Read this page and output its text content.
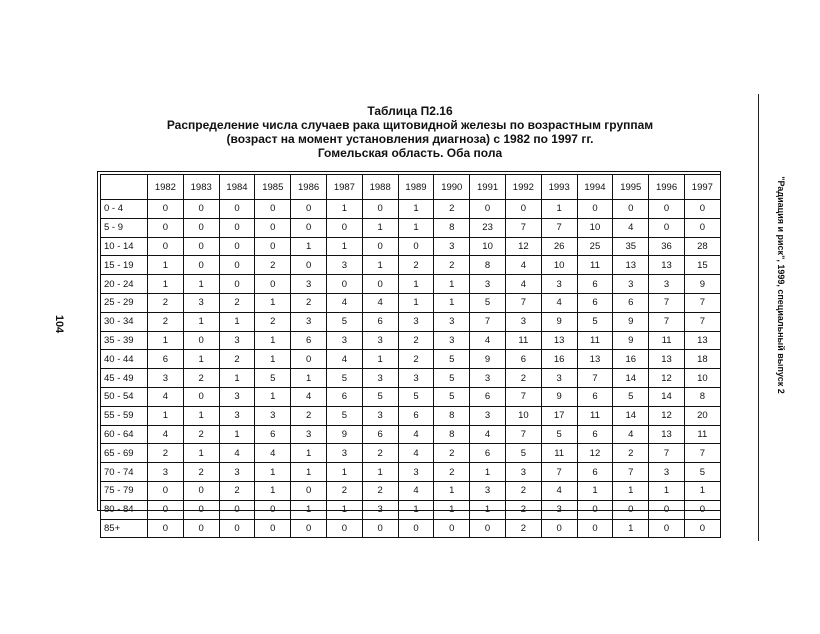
104
Таблица П2.16
Распределение числа случаев рака щитовидной железы по возрастным группам
(возраст на момент установления диагноза) с 1982 по 1997 гг.
Гомельская область. Оба пола
	1982	1983	1984	1985	1986	1987	1988	1989	1990	1991	1992	1993	1994	1995	1996	1997
0 - 4	0	0	0	0	0	1	0	1	2	0	0	1	0	0	0	0
5 - 9	0	0	0	0	0	0	1	1	8	23	7	7	10	4	0	0
10 - 14	0	0	0	0	1	1	0	0	3	10	12	26	25	35	36	28
15 - 19	1	0	0	2	0	3	1	2	2	8	4	10	11	13	13	15
20 - 24	1	1	0	0	3	0	0	1	1	3	4	3	6	3	3	9
25 - 29	2	3	2	1	2	4	4	1	1	5	7	4	6	6	7	7
30 - 34	2	1	1	2	3	5	6	3	3	7	3	9	5	9	7	7
35 - 39	1	0	3	1	6	3	3	2	3	4	11	13	11	9	11	13
40 - 44	6	1	2	1	0	4	1	2	5	9	6	16	13	16	13	18
45 - 49	3	2	1	5	1	5	3	3	5	3	2	3	7	14	12	10
50 - 54	4	0	3	1	4	6	5	5	5	6	7	9	6	5	14	8
55 - 59	1	1	3	3	2	5	3	6	8	3	10	17	11	14	12	20
60 - 64	4	2	1	6	3	9	6	4	8	4	7	5	6	4	13	11
65 - 69	2	1	4	4	1	3	2	4	2	6	5	11	12	2	7	7
70 - 74	3	2	3	1	1	1	1	3	2	1	3	7	6	7	3	5
75 - 79	0	0	2	1	0	2	2	4	1	3	2	4	1	1	1	1
80 - 84	0	0	0	0	1	1	3	1	1	1	2	3	0	0	0	0
85+	0	0	0	0	0	0	0	0	0	0	2	0	0	1	0	0
"Радиация и риск", 1999, специальный выпуск 2
